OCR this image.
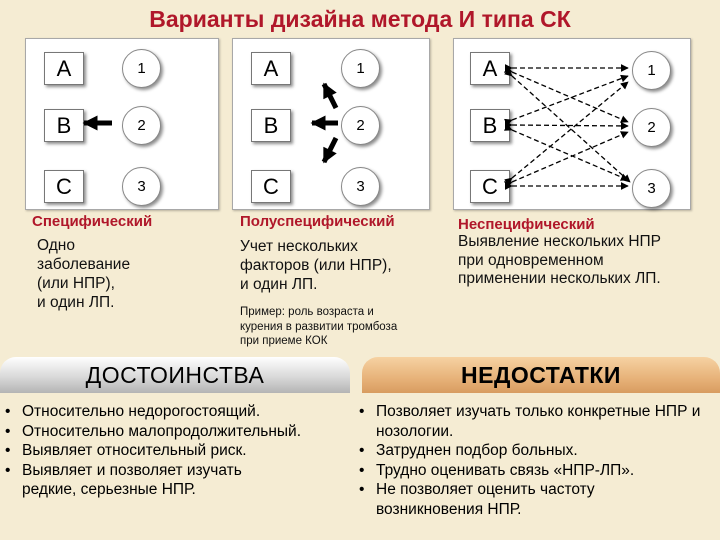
Варианты дизайна метода И типа СК
A
B
C
1
2
3
A
B
C
1
2
3
A
B
C
1
2
3
Специфический
Одно
заболевание
(или НПР),
и один ЛП.
Полуспецифический
Учет нескольких
факторов (или НПР),
и один ЛП.
Пример: роль возраста и
курения в развитии тромбоза
при приеме КОК
Неспецифический
Выявление нескольких НПР
при одновременном
применении нескольких ЛП.
ДОСТОИНСТВА	НЕДОСТАТКИ
• Относительно недорогостоящий.
• Относительно малопродолжительный.
• Выявляет относительный риск.
• Выявляет и позволяет изучать редкие, серьезные НПР.
• Позволяет изучать только конкретные НПР и нозологии.
• Затруднен подбор больных.
• Трудно оценивать связь «НПР-ЛП».
• Не позволяет оценить частоту возникновения НПР.
